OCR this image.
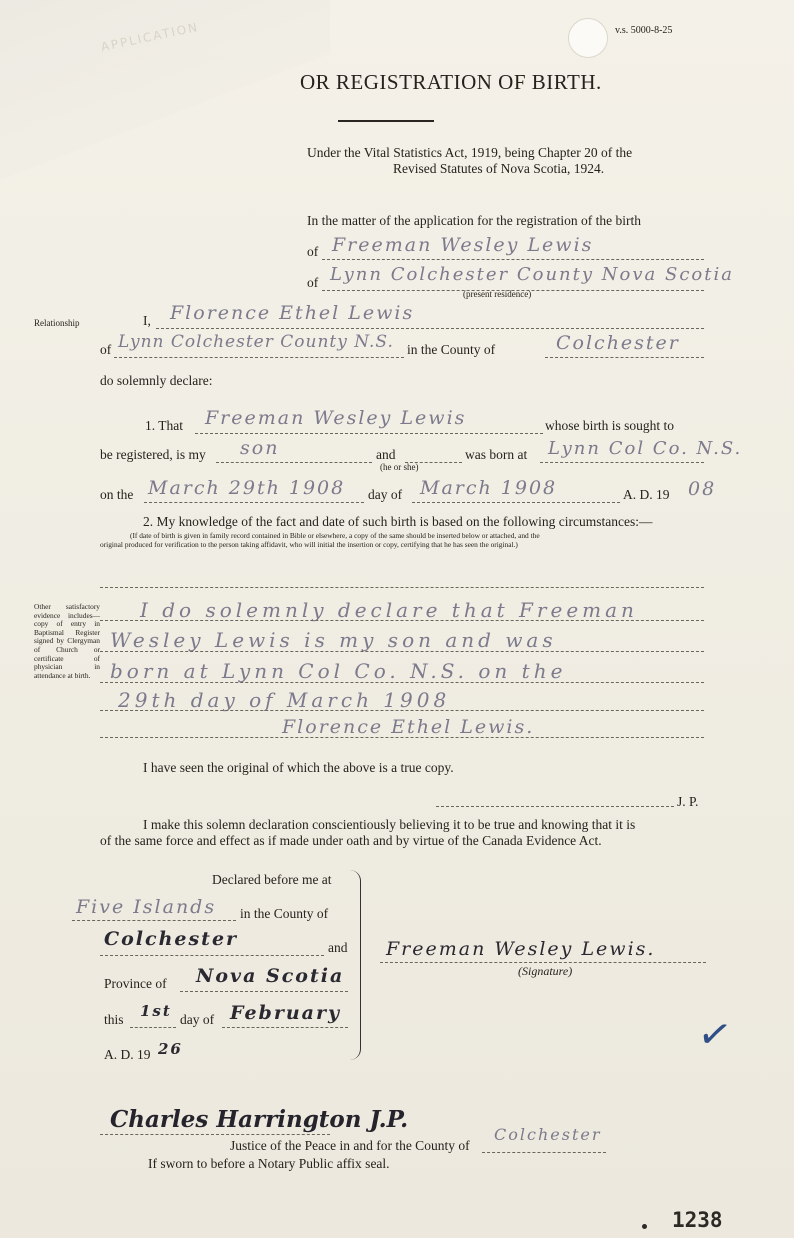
APPLICATION	v.s. 5000-8-25
OR REGISTRATION OF BIRTH.
Under the Vital Statistics Act, 1919, being Chapter 20 of the
Revised Statutes of Nova Scotia, 1924.
In the matter of the application for the registration of the birth
of Freeman Wesley Lewis
of Lynn Colchester County Nova Scotia
(present residence)
Relationship	I, Florence Ethel Lewis
of Lynn Colchester County N.S. in the County of	Colchester
do solemnly declare:
1. That Freeman Wesley Lewis	whose birth is sought to
be registered, is my son	and
(he or she)
was born at Lynn Col Co. N.S.
on the March 29th 1908 day of March 1908	A. D. 19 08
2. My knowledge of the fact and date of such birth is based on the following circumstances:—
(If date of birth is given in family record contained in Bible or elsewhere, a copy of the same should be inserted below or attached, and the
original produced for verification to the person taking affidavit, who will initial the insertion or copy, certifying that he has seen the original.)
Other satisfactory evidence includes—copy of entry in Baptismal Register signed by Clergyman of Church or certificate of physician in attendance at birth.
I do solemnly declare that Freeman
Wesley Lewis is my son and was
born at Lynn Col Co. N.S. on the
29th day of March 1908
Florence Ethel Lewis.
I have seen the original of which the above is a true copy.
J. P.
I make this solemn declaration conscientiously believing it to be true and knowing that it is
of the same force and effect as if made under oath and by virtue of the Canada Evidence Act.
Declared before me at
Five Islands in the County of
Colchester	and
Province of Nova Scotia
this 1st day of February
A. D. 19 26
Freeman Wesley Lewis.
(Signature)
✓
Charles Harrington J.P.
Justice of the Peace in and for the County of
Colchester
If sworn to before a Notary Public affix seal.
1238
